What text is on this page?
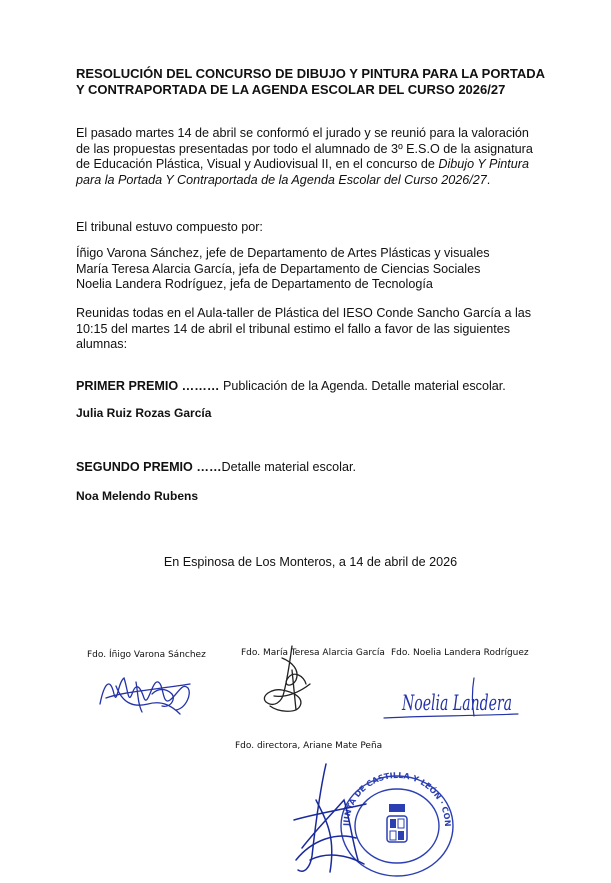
RESOLUCIÓN DEL CONCURSO DE DIBUJO Y PINTURA PARA LA PORTADA Y CONTRAPORTADA DE LA AGENDA ESCOLAR DEL CURSO 2026/27
El pasado martes 14 de abril se conformó el jurado y se reunió para la valoración de las propuestas presentadas por todo el alumnado de 3º E.S.O de la asignatura de Educación Plástica, Visual y Audiovisual II, en el concurso de Dibujo Y Pintura para la Portada Y Contraportada de la Agenda Escolar del Curso 2026/27.
El tribunal estuvo compuesto por:
Íñigo Varona Sánchez, jefe de Departamento de Artes Plásticas y visuales
María Teresa Alarcia García, jefa de Departamento de Ciencias Sociales
Noelia Landera Rodríguez, jefa de Departamento de Tecnología
Reunidas todas en el Aula-taller de Plástica del IESO Conde Sancho García a las 10:15 del martes 14 de abril el tribunal estimo el fallo a favor de las siguientes alumnas:
PRIMER PREMIO ……… Publicación de la Agenda. Detalle material escolar.
Julia Ruiz Rozas García
SEGUNDO PREMIO ……Detalle material escolar.
Noa Melendo Rubens
En Espinosa de Los Monteros, a 14 de abril de 2026
Fdo. Íñigo Varona Sánchez	Fdo. María Teresa Alarcia García Fdo. Noelia Landera Rodríguez
Fdo. directora, Ariane Mate Peña
Noelia Landera
JUNTA DE CASTILLA Y LEÓN · CONSEJERÍA DE EDUCACIÓN Y CULTURA · I.E.S.O. "CONDE SANCHO GARCÍA" · ESPINOSA DE LOS MONTEROS (BURGOS)
